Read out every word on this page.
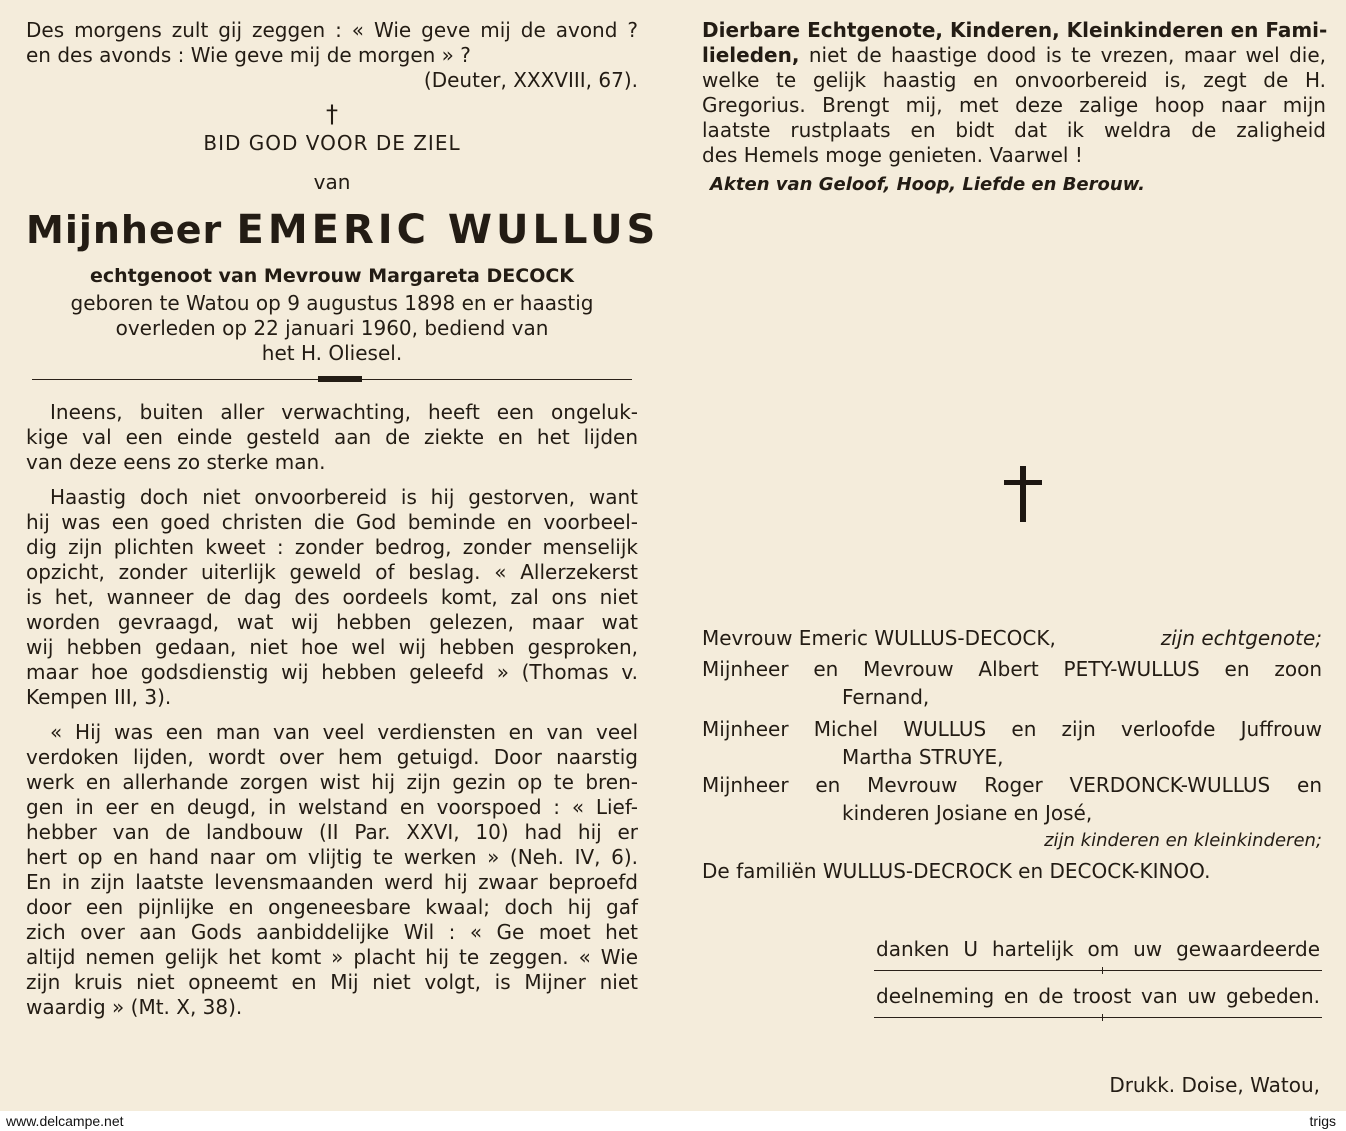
Des morgens zult gij zeggen : « Wie geve mij de avond ?
en des avonds : Wie geve mij de morgen » ?
(Deuter, XXXVIII, 67).
†
BID GOD VOOR DE ZIEL
van
Mijnheer EMERIC WULLUS
echtgenoot van Mevrouw Margareta DECOCK
geboren te Watou op 9 augustus 1898 en er haastig
overleden op 22 januari 1960, bediend van
het H. Oliesel.
Ineens, buiten aller verwachting, heeft een ongeluk-
kige val een einde gesteld aan de ziekte en het lijden
van deze eens zo sterke man.
Haastig doch niet onvoorbereid is hij gestorven, want
hij was een goed christen die God beminde en voorbeel-
dig zijn plichten kweet : zonder bedrog, zonder menselijk
opzicht, zonder uiterlijk geweld of beslag. « Allerzekerst
is het, wanneer de dag des oordeels komt, zal ons niet
worden gevraagd, wat wij hebben gelezen, maar wat
wij hebben gedaan, niet hoe wel wij hebben gesproken,
maar hoe godsdienstig wij hebben geleefd » (Thomas v.
Kempen III, 3).
« Hij was een man van veel verdiensten en van veel
verdoken lijden, wordt over hem getuigd. Door naarstig
werk en allerhande zorgen wist hij zijn gezin op te bren-
gen in eer en deugd, in welstand en voorspoed : « Lief-
hebber van de landbouw (II Par. XXVI, 10) had hij er
hert op en hand naar om vlijtig te werken » (Neh. IV, 6).
En in zijn laatste levensmaanden werd hij zwaar beproefd
door een pijnlijke en ongeneesbare kwaal; doch hij gaf
zich over aan Gods aanbiddelijke Wil : « Ge moet het
altijd nemen gelijk het komt » placht hij te zeggen. « Wie
zijn kruis niet opneemt en Mij niet volgt, is Mijner niet
waardig » (Mt. X, 38).
Dierbare Echtgenote, Kinderen, Kleinkinderen en Fami-
lieleden, niet de haastige dood is te vrezen, maar wel die,
welke te gelijk haastig en onvoorbereid is, zegt de H.
Gregorius. Brengt mij, met deze zalige hoop naar mijn
laatste rustplaats en bidt dat ik weldra de zaligheid
des Hemels moge genieten. Vaarwel !
Akten van Geloof, Hoop, Liefde en Berouw.
Mevrouw Emeric WULLUS-DECOCK,	zijn echtgenote;
Mijnheer en Mevrouw Albert PETY-WULLUS en zoon
Fernand,
Mijnheer Michel WULLUS en zijn verloofde Juffrouw
Martha STRUYE,
Mijnheer en Mevrouw Roger VERDONCK-WULLUS en
kinderen Josiane en José,
zijn kinderen en kleinkinderen;
De familiën WULLUS-DECROCK en DECOCK-KINOO.
danken U hartelijk om uw gewaardeerde
deelneming en de troost van uw gebeden.
Drukk. Doise, Watou,
www.delcampe.net	trigs
